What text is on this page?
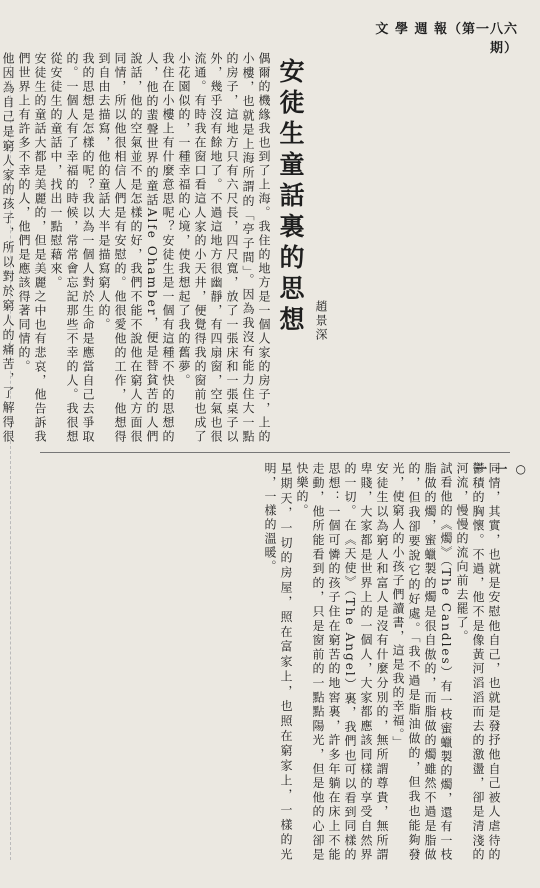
文 學 週 報（第一八六期）
安徒生童話裏的思想 趙景深
偶爾的機緣我也到了上海。我住的地方是一個人家的房子，上的小樓，也就是上海所謂的「亭子間」。因為我沒有能力住大一點的房子，這地方只有六尺長，四尺寬，放了一張床和一張桌子以外，幾乎沒有餘地了。不過這地方很幽靜，有四扇窗，空氣也很流通。有時我在窗口看這人家的小天井，便覺得我的窗前也成了小花園似的，一種幸福的心境，使我想起了我的舊夢。
我住在小樓上有什麼意思呢？安徒生是一個有這種不快的思想的人，他的蜚聲世界的童話Alfe Ohamber，便是替貧苦的人們說話，他的空氣並不是怎樣的好，我們不能不說他在窮人方面很同情，所以他很相信人們是有安慰的。他很愛他的工作，他想得到自由去描寫，他的童話大半是描寫窮人的。
我的思想是怎樣的呢？我以為一個人對於生命是應當自己去爭取的。一個人有了幸福的時候，常常會忘記那些不幸的人。我很想從安徒生的童話中，找出一點慰藉來。
安徒生的童話大都是美麗的，但是美麗之中也有悲哀，他告訴我們世界上有許多不幸的人，他們是應該得著同情的。
他因為自己是窮人家的孩子，所以對於窮人的痛苦，了解得很
一 一 ○
同情，其實，也就是安慰他自己，也就是發抒他自己被人虐待的鬱積的胸懷。不過，他不是像黃河滔滔而去的激盪，卻是清淺的河流，慢慢的流向前去罷了。
試看他的《燭》（The Candles）有一枝蜜蠟製的燭，還有一枝脂做的燭，蜜蠟製的燭是很自傲的，而脂做的燭雖然不過是脂做的，但我卻要說它的好處。「我不過是脂油做的，但我也能夠發光，使窮人的小孩子們讀書，這是我的幸福。」
安徒生以為窮人和富人是沒有什麼分別的，無所謂尊貴，無所謂卑賤，大家都是世界上的一個人，大家都應該同樣的享受自然界的一切。在《天使》（The Angel）裏，我們也可以看到同樣的思想：一個可憐的孩子住在窮苦的地窖裏，許多年躺在床上不能走動，他所能看到的，只是窗前的一點點陽光，但是他的心卻是快樂的。
星期天，一切的房屋，照在富家上，也照在窮家上，一樣的光明，一樣的溫暖。
